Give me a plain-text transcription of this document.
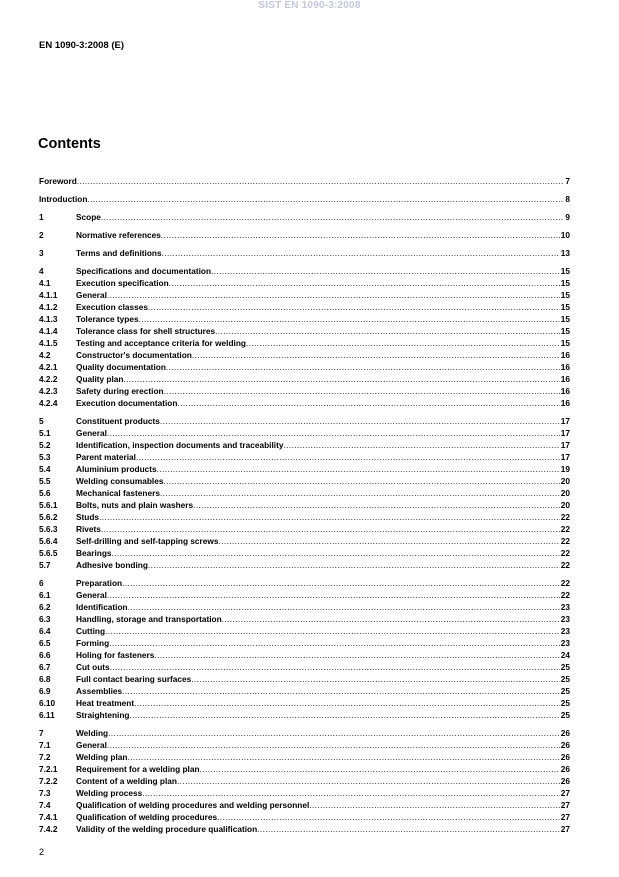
SIST EN 1090-3:2008
EN 1090-3:2008 (E)
Contents
Foreword .....	7
Introduction .....	8
1	Scope .....	9
2	Normative references .....	10
3	Terms and definitions .....	13
4	Specifications and documentation .....	15
4.1	Execution specification .....	15
4.1.1	General .....	15
4.1.2	Execution classes .....	15
4.1.3	Tolerance types .....	15
4.1.4	Tolerance class for shell structures .....	15
4.1.5	Testing and acceptance criteria for welding .....	15
4.2	Constructor's documentation .....	16
4.2.1	Quality documentation .....	16
4.2.2	Quality plan .....	16
4.2.3	Safety during erection .....	16
4.2.4	Execution documentation .....	16
5	Constituent products .....	17
5.1	General .....	17
5.2	Identification, inspection documents and traceability .....	17
5.3	Parent material .....	17
5.4	Aluminium products .....	19
5.5	Welding consumables .....	20
5.6	Mechanical fasteners .....	20
5.6.1	Bolts, nuts and plain washers .....	20
5.6.2	Studs .....	22
5.6.3	Rivets .....	22
5.6.4	Self-drilling and self-tapping screws .....	22
5.6.5	Bearings .....	22
5.7	Adhesive bonding .....	22
6	Preparation .....	22
6.1	General .....	22
6.2	Identification .....	23
6.3	Handling, storage and transportation .....	23
6.4	Cutting .....	23
6.5	Forming .....	23
6.6	Holing for fasteners .....	24
6.7	Cut outs .....	25
6.8	Full contact bearing surfaces .....	25
6.9	Assemblies .....	25
6.10	Heat treatment .....	25
6.11	Straightening .....	25
7	Welding .....	26
7.1	General .....	26
7.2	Welding plan .....	26
7.2.1	Requirement for a welding plan .....	26
7.2.2	Content of a welding plan .....	26
7.3	Welding process .....	27
7.4	Qualification of welding procedures and welding personnel .....	27
7.4.1	Qualification of welding procedures .....	27
7.4.2	Validity of the welding procedure qualification .....	27
2
